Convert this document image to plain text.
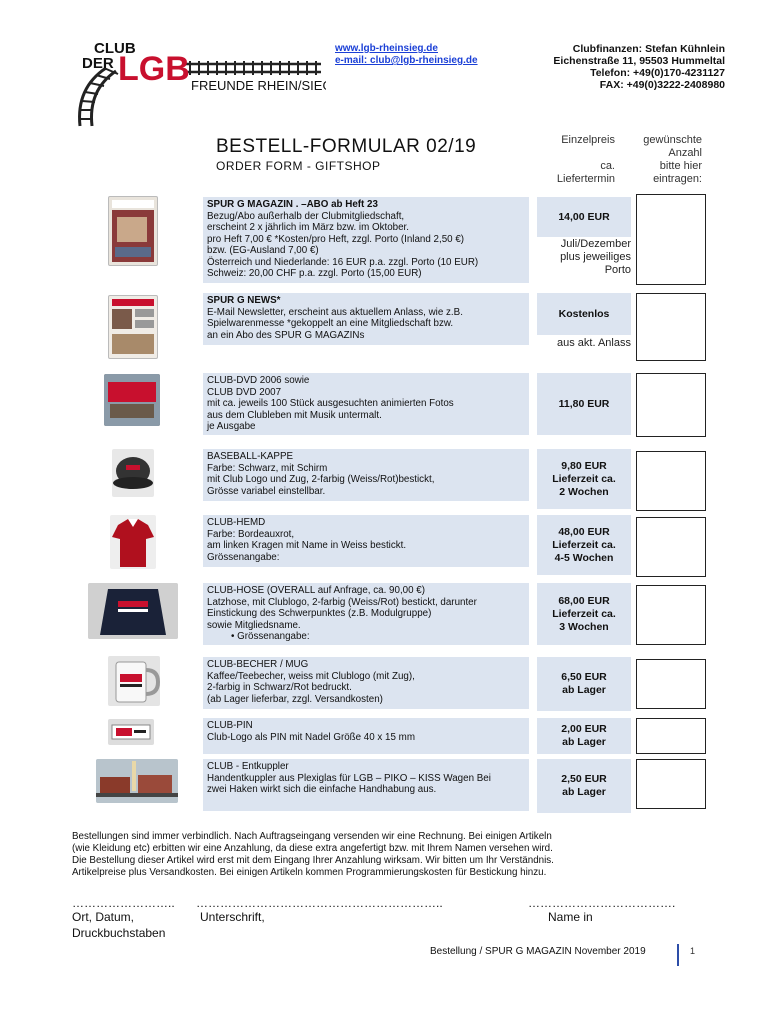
CLUB
DER LGB FREUNDE RHEIN/SIEG
www.lgb-rheinsieg.de
e-mail: club@lgb-rheinsieg.de
Clubfinanzen: Stefan Kühnlein
Eichenstraße 11, 95503 Hummeltal
Telefon: +49(0)170-4231127
FAX: +49(0)3222-2408980
BESTELL-FORMULAR 02/19
ORDER FORM - GIFTSHOP
Einzelpreis
ca.
Liefertermin
gewünschte
Anzahl
bitte hier
eintragen:
SPUR G MAGAZIN . –ABO ab Heft 23
Bezug/Abo außerhalb der Clubmitgliedschaft,
erscheint 2 x jährlich im März bzw. im Oktober.
pro Heft 7,00 € *Kosten/pro Heft, zzgl. Porto (Inland 2,50 €)
bzw. (EG-Ausland 7,00 €)
Österreich und Niederlande: 16 EUR p.a. zzgl. Porto (10 EUR)
Schweiz: 20,00 CHF p.a. zzgl. Porto (15,00 EUR)
14,00 EUR
Juli/Dezember
plus jeweiliges
Porto
SPUR G NEWS*
E-Mail Newsletter, erscheint aus aktuellem Anlass, wie z.B.
Spielwarenmesse *gekoppelt an eine Mitgliedschaft bzw.
an ein Abo des SPUR G MAGAZINs
Kostenlos
aus akt. Anlass
CLUB-DVD 2006 sowie
CLUB DVD 2007
mit ca. jeweils 100 Stück ausgesuchten animierten Fotos
aus dem Clubleben mit Musik untermalt.
je Ausgabe
11,80 EUR
BASEBALL-KAPPE
Farbe: Schwarz, mit Schirm
mit Club Logo und Zug, 2-farbig (Weiss/Rot)bestickt,
Grösse variabel einstellbar.
9,80 EUR
Lieferzeit ca.
2 Wochen
CLUB-HEMD
Farbe: Bordeauxrot,
am linken Kragen mit Name in Weiss bestickt.
Grössenangabe:
48,00 EUR
Lieferzeit ca.
4-5 Wochen
CLUB-HOSE (OVERALL auf Anfrage, ca. 90,00 €)
Latzhose, mit Clublogo, 2-farbig (Weiss/Rot) bestickt, darunter
Einstickung des Schwerpunktes (z.B. Modulgruppe)
sowie Mitgliedsname.
• Grössenangabe:
68,00 EUR
Lieferzeit ca.
3 Wochen
CLUB-BECHER / MUG
Kaffee/Teebecher, weiss mit Clublogo (mit Zug),
2-farbig in Schwarz/Rot bedruckt.
(ab Lager lieferbar, zzgl. Versandkosten)
6,50 EUR
ab Lager
CLUB-PIN
Club-Logo als PIN mit Nadel Größe 40 x 15 mm
2,00 EUR
ab Lager
CLUB - Entkuppler
Handentkuppler aus Plexiglas für LGB – PIKO – KISS Wagen Bei
zwei Haken wirkt sich die einfache Handhabung aus.
2,50 EUR
ab Lager
Bestellungen sind immer verbindlich. Nach Auftragseingang versenden wir eine Rechnung. Bei einigen Artikeln
(wie Kleidung etc) erbitten wir eine Anzahlung, da diese extra angefertigt bzw. mit Ihrem Namen versehen wird.
Die Bestellung dieser Artikel wird erst mit dem Eingang Ihrer Anzahlung wirksam. Wir bitten um Ihr Verständnis.
Artikelpreise plus Versandkosten. Bei einigen Artikeln kommen Programmierungskosten für Bestickung hinzu.
…………………….. ……………………………………………………..	……………………………….
Ort, Datum,	Unterschrift,	Name in
Druckbuchstaben
Bestellung / SPUR G MAGAZIN November 2019	1
